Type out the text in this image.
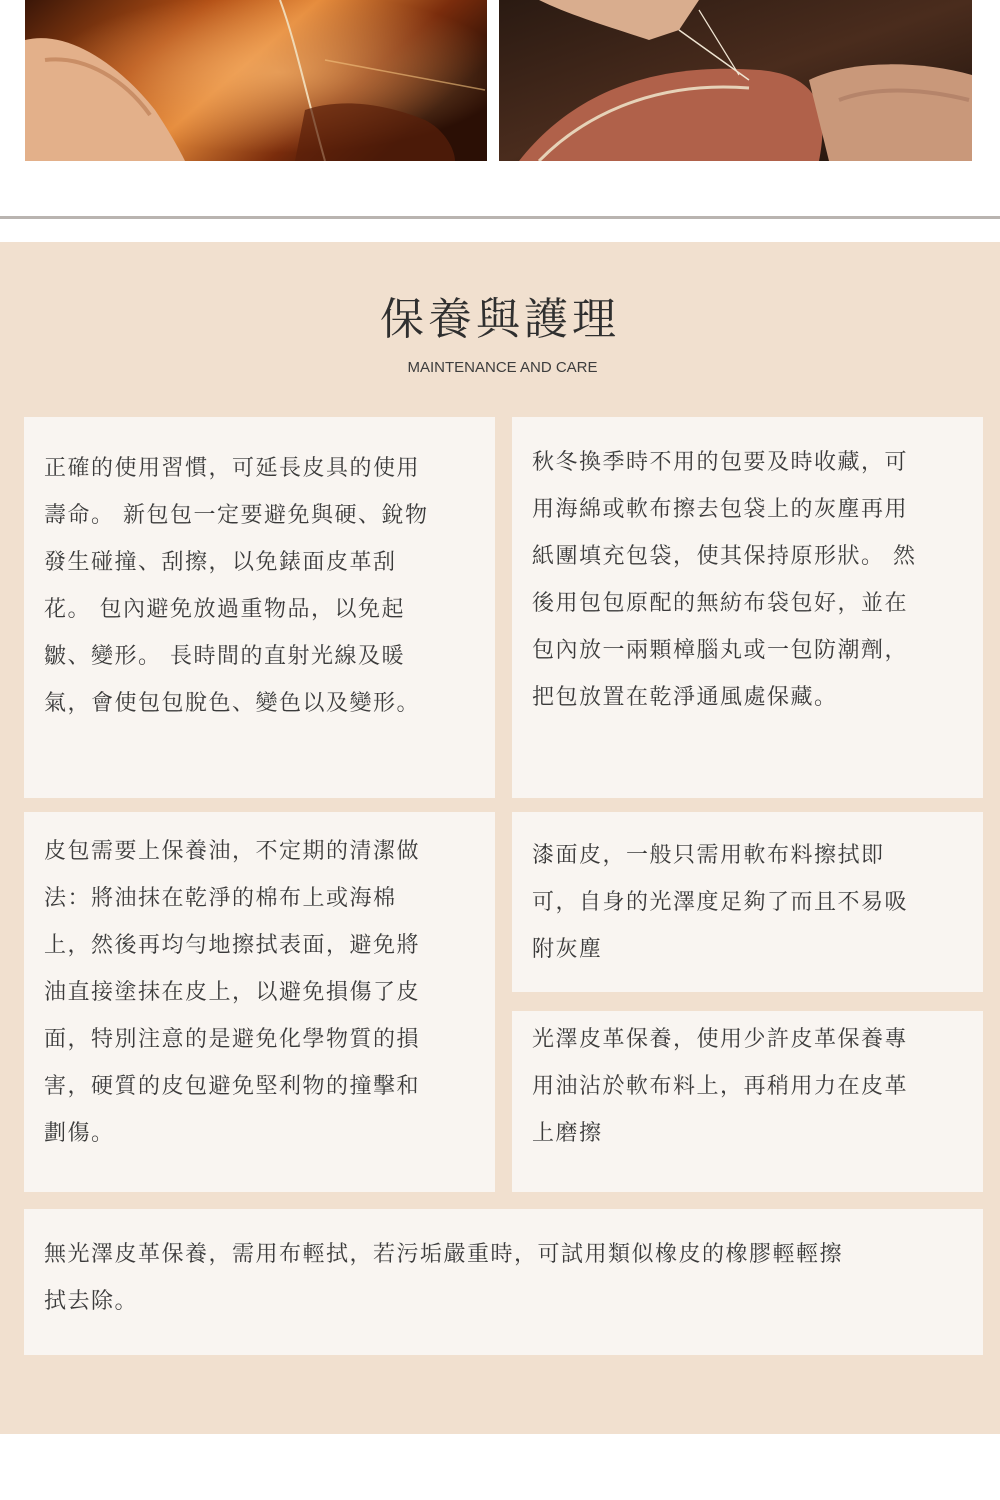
保養與護理
MAINTENANCE AND CARE

正確的使用習慣，可延長皮具的使用壽命。 新包包一定要避免與硬、銳物發生碰撞、刮擦，以免錶面皮革刮花。 包內避免放過重物品，以免起皺、變形。 長時間的直射光線及暖氣，會使包包脫色、變色以及變形。

秋冬換季時不用的包要及時收藏，可用海綿或軟布擦去包袋上的灰塵再用紙團填充包袋，使其保持原形狀。 然後用包包原配的無紡布袋包好，並在包內放一兩顆樟腦丸或一包防潮劑，把包放置在乾淨通風處保藏。

皮包需要上保養油，不定期的清潔做法：將油抹在乾淨的棉布上或海棉上，然後再均勻地擦拭表面，避免將油直接塗抹在皮上，以避免損傷了皮面，特別注意的是避免化學物質的損害，硬質的皮包避免堅利物的撞擊和劃傷。

漆面皮，一般只需用軟布料擦拭即可，自身的光澤度足夠了而且不易吸附灰塵

光澤皮革保養，使用少許皮革保養專用油沾於軟布料上，再稍用力在皮革上磨擦

無光澤皮革保養，需用布輕拭，若污垢嚴重時，可試用類似橡皮的橡膠輕輕擦拭去除。
